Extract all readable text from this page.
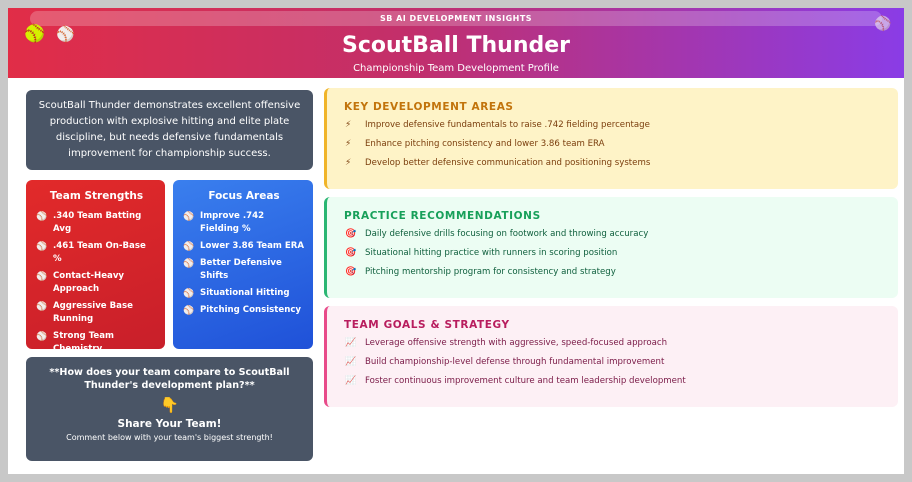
SB AI DEVELOPMENT INSIGHTS
🥎 ⚾
⚾
ScoutBall Thunder
Championship Team Development Profile
ScoutBall Thunder demonstrates excellent offensive production with explosive hitting and elite plate discipline, but needs defensive fundamentals improvement for championship success.
Team Strengths
⚾ .340 Team Batting Avg
⚾ .461 Team On-Base %
⚾ Contact-Heavy Approach
⚾ Aggressive Base Running
⚾ Strong Team Chemistry
Focus Areas
⚾ Improve .742 Fielding %
⚾ Lower 3.86 Team ERA
⚾ Better Defensive Shifts
⚾ Situational Hitting
⚾ Pitching Consistency
**How does your team compare to ScoutBall Thunder's development plan?**
👇
Share Your Team!
Comment below with your team's biggest strength!
KEY DEVELOPMENT AREAS
⚡ Improve defensive fundamentals to raise .742 fielding percentage
⚡ Enhance pitching consistency and lower 3.86 team ERA
⚡ Develop better defensive communication and positioning systems
PRACTICE RECOMMENDATIONS
🎯 Daily defensive drills focusing on footwork and throwing accuracy
🎯 Situational hitting practice with runners in scoring position
🎯 Pitching mentorship program for consistency and strategy
TEAM GOALS & STRATEGY
📈 Leverage offensive strength with aggressive, speed-focused approach
📈 Build championship-level defense through fundamental improvement
📈 Foster continuous improvement culture and team leadership development
